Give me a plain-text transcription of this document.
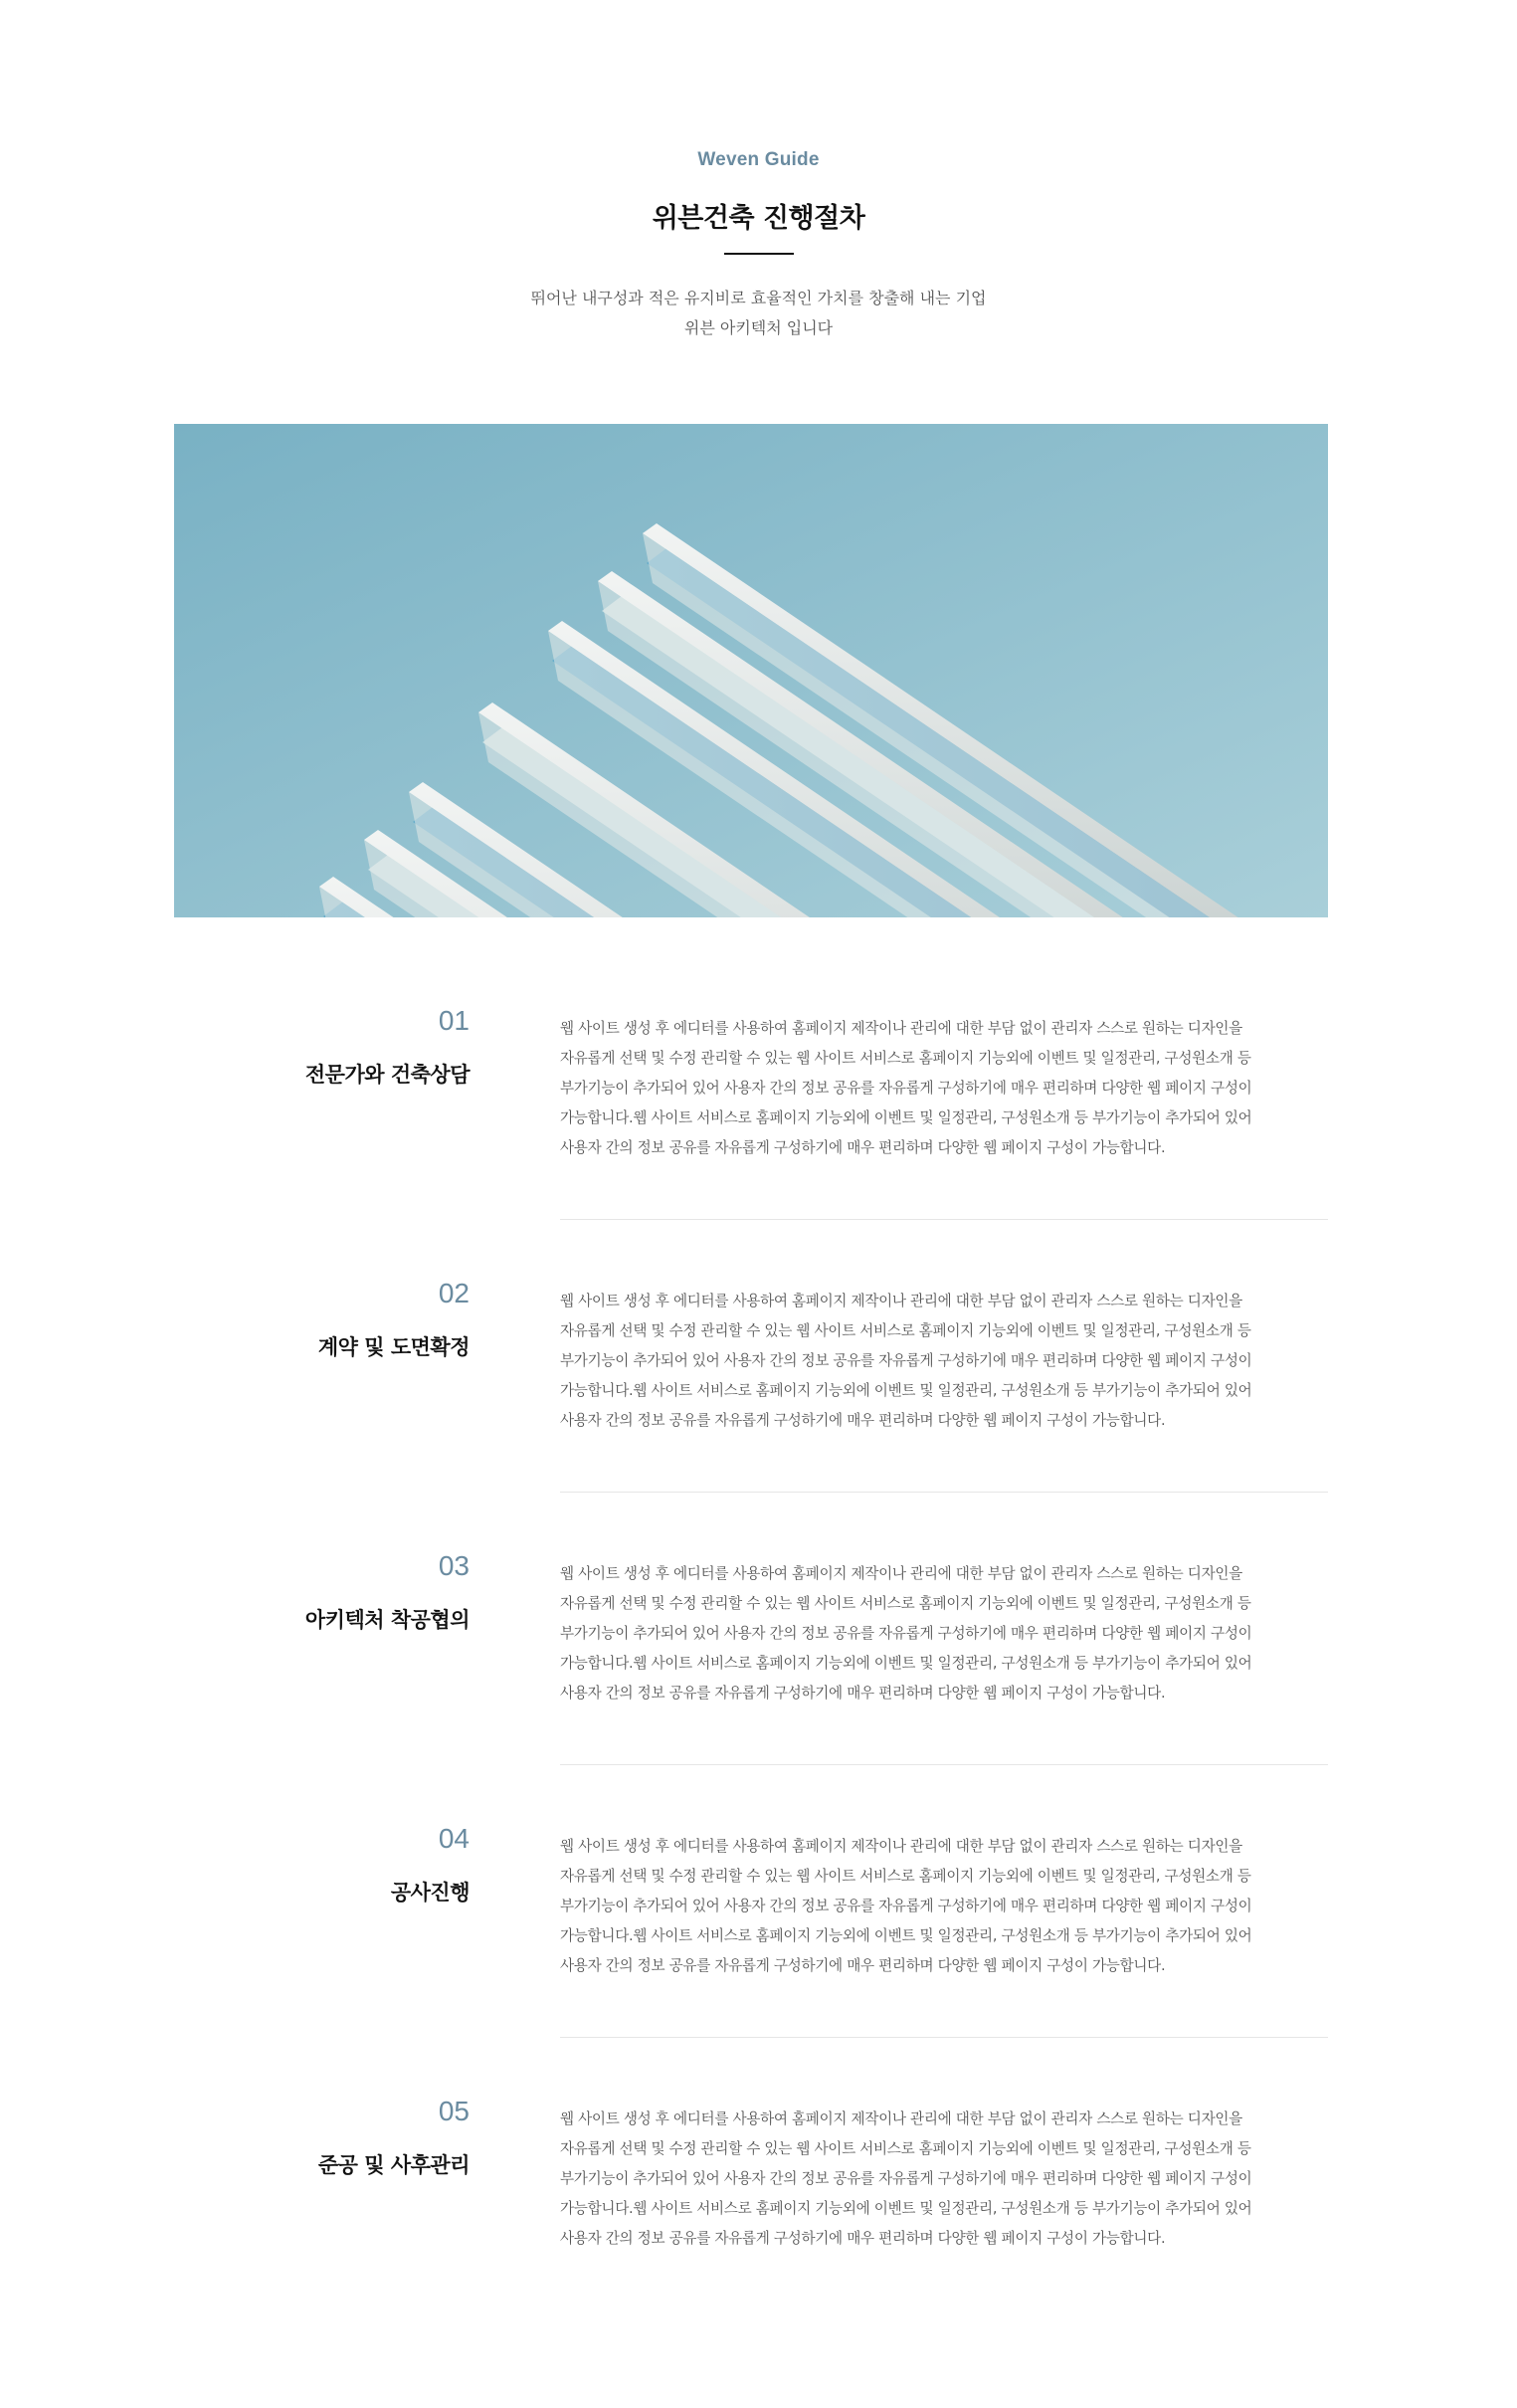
Weven Guide
위븐건축 진행절차

뛰어난 내구성과 적은 유지비로 효율적인 가치를 창출해 내는 기업

위븐 아키텍처 입니다

01
전문가와 건축상담
웹 사이트 생성 후 에디터를 사용하여 홈페이지 제작이나 관리에 대한 부담 없이 관리자 스스로 원하는 디자인을
자유롭게 선택 및 수정 관리할 수 있는 웹 사이트 서비스로 홈페이지 기능외에 이벤트 및 일정관리, 구성원소개 등
부가기능이 추가되어 있어 사용자 간의 정보 공유를 자유롭게 구성하기에 매우 편리하며 다양한 웹 페이지 구성이
가능합니다.웹 사이트 서비스로 홈페이지 기능외에 이벤트 및 일정관리, 구성원소개 등 부가기능이 추가되어 있어
사용자 간의 정보 공유를 자유롭게 구성하기에 매우 편리하며 다양한 웹 페이지 구성이 가능합니다.
02
계약 및 도면확정
웹 사이트 생성 후 에디터를 사용하여 홈페이지 제작이나 관리에 대한 부담 없이 관리자 스스로 원하는 디자인을
자유롭게 선택 및 수정 관리할 수 있는 웹 사이트 서비스로 홈페이지 기능외에 이벤트 및 일정관리, 구성원소개 등
부가기능이 추가되어 있어 사용자 간의 정보 공유를 자유롭게 구성하기에 매우 편리하며 다양한 웹 페이지 구성이
가능합니다.웹 사이트 서비스로 홈페이지 기능외에 이벤트 및 일정관리, 구성원소개 등 부가기능이 추가되어 있어
사용자 간의 정보 공유를 자유롭게 구성하기에 매우 편리하며 다양한 웹 페이지 구성이 가능합니다.
03
아키텍처 착공협의
웹 사이트 생성 후 에디터를 사용하여 홈페이지 제작이나 관리에 대한 부담 없이 관리자 스스로 원하는 디자인을
자유롭게 선택 및 수정 관리할 수 있는 웹 사이트 서비스로 홈페이지 기능외에 이벤트 및 일정관리, 구성원소개 등
부가기능이 추가되어 있어 사용자 간의 정보 공유를 자유롭게 구성하기에 매우 편리하며 다양한 웹 페이지 구성이
가능합니다.웹 사이트 서비스로 홈페이지 기능외에 이벤트 및 일정관리, 구성원소개 등 부가기능이 추가되어 있어
사용자 간의 정보 공유를 자유롭게 구성하기에 매우 편리하며 다양한 웹 페이지 구성이 가능합니다.
04
공사진행
웹 사이트 생성 후 에디터를 사용하여 홈페이지 제작이나 관리에 대한 부담 없이 관리자 스스로 원하는 디자인을
자유롭게 선택 및 수정 관리할 수 있는 웹 사이트 서비스로 홈페이지 기능외에 이벤트 및 일정관리, 구성원소개 등
부가기능이 추가되어 있어 사용자 간의 정보 공유를 자유롭게 구성하기에 매우 편리하며 다양한 웹 페이지 구성이
가능합니다.웹 사이트 서비스로 홈페이지 기능외에 이벤트 및 일정관리, 구성원소개 등 부가기능이 추가되어 있어
사용자 간의 정보 공유를 자유롭게 구성하기에 매우 편리하며 다양한 웹 페이지 구성이 가능합니다.
05
준공 및 사후관리
웹 사이트 생성 후 에디터를 사용하여 홈페이지 제작이나 관리에 대한 부담 없이 관리자 스스로 원하는 디자인을
자유롭게 선택 및 수정 관리할 수 있는 웹 사이트 서비스로 홈페이지 기능외에 이벤트 및 일정관리, 구성원소개 등
부가기능이 추가되어 있어 사용자 간의 정보 공유를 자유롭게 구성하기에 매우 편리하며 다양한 웹 페이지 구성이
가능합니다.웹 사이트 서비스로 홈페이지 기능외에 이벤트 및 일정관리, 구성원소개 등 부가기능이 추가되어 있어
사용자 간의 정보 공유를 자유롭게 구성하기에 매우 편리하며 다양한 웹 페이지 구성이 가능합니다.
